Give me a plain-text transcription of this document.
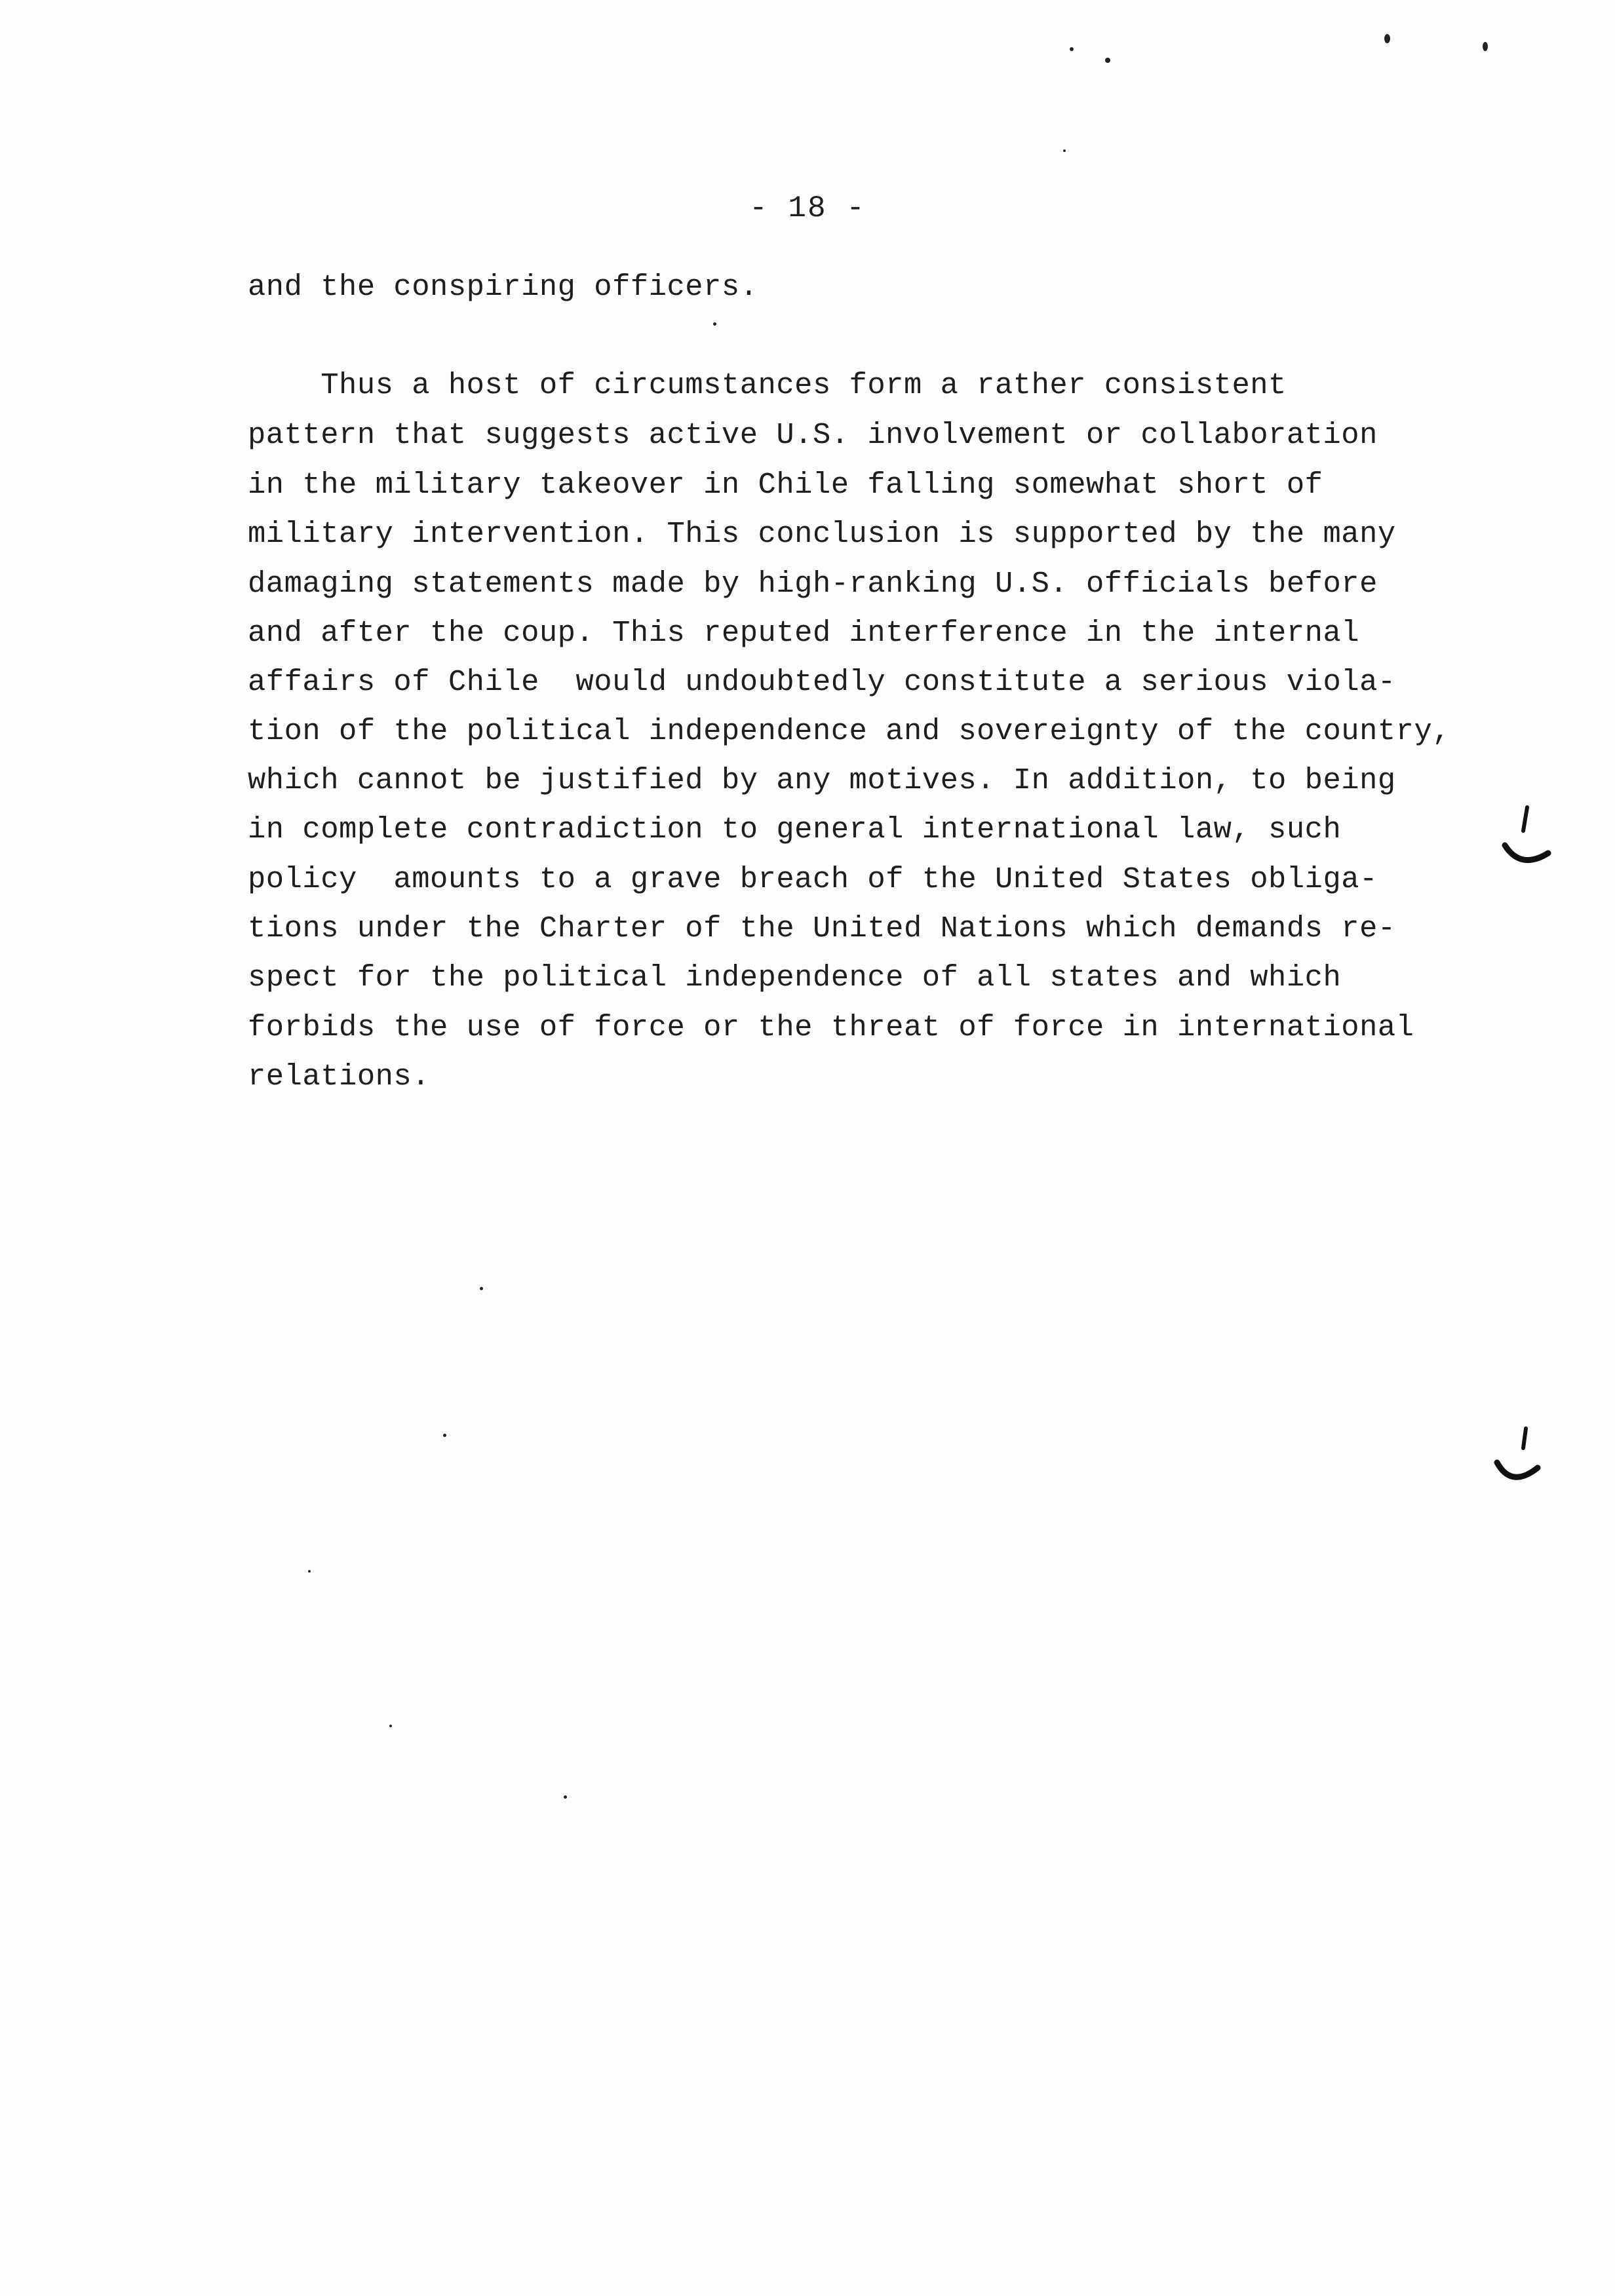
- 18 -
and the conspiring officers.
Thus a host of circumstances form a rather consistent
pattern that suggests active U.S. involvement or collaboration
in the military takeover in Chile falling somewhat short of
military intervention. This conclusion is supported by the many
damaging statements made by high-ranking U.S. officials before
and after the coup. This reputed interference in the internal
affairs of Chile  would undoubtedly constitute a serious viola-
tion of the political independence and sovereignty of the country,
which cannot be justified by any motives. In addition, to being
in complete contradiction to general international law, such
policy  amounts to a grave breach of the United States obliga-
tions under the Charter of the United Nations which demands re-
spect for the political independence of all states and which
forbids the use of force or the threat of force in international
relations.
